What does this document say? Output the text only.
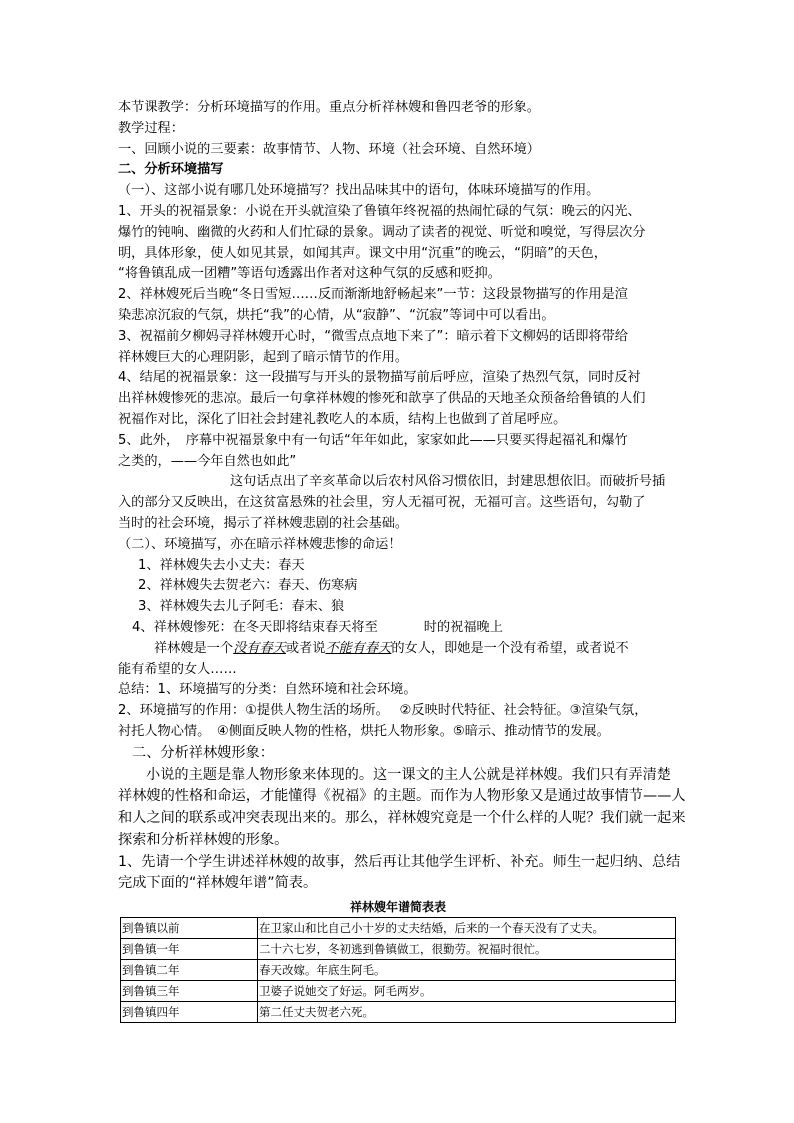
本节课教学：分析环境描写的作用。重点分析祥林嫂和鲁四老爷的形象。
教学过程：
一、回顾小说的三要素：故事情节、人物、环境（社会环境、自然环境）
二、分析环境描写
（一）、这部小说有哪几处环境描写？找出品味其中的语句，体味环境描写的作用。
1、开头的祝福景象：小说在开头就渲染了鲁镇年终祝福的热闹忙碌的气氛：晚云的闪光、
爆竹的钝响、幽微的火药和人们忙碌的景象。调动了读者的视觉、听觉和嗅觉，写得层次分
明，具体形象，使人如见其景，如闻其声。课文中用“沉重”的晚云，“阴暗”的天色，
“将鲁镇乱成一团糟”等语句透露出作者对这种气氛的反感和贬抑。
2、祥林嫂死后当晚“冬日雪短……反而渐渐地舒畅起来”一节：这段景物描写的作用是渲
染悲凉沉寂的气氛，烘托“我”的心情，从“寂静”、“沉寂”等词中可以看出。
3、祝福前夕柳妈寻祥林嫂开心时，“微雪点点地下来了”：暗示着下文柳妈的话即将带给
祥林嫂巨大的心理阴影，起到了暗示情节的作用。
4、结尾的祝福景象：这一段描写与开头的景物描写前后呼应，渲染了热烈气氛，同时反衬
出祥林嫂惨死的悲凉。最后一句拿祥林嫂的惨死和歆享了供品的天地圣众预备给鲁镇的人们
祝福作对比，深化了旧社会封建礼教吃人的本质，结构上也做到了首尾呼应。
5、此外，　序幕中祝福景象中有一句话“年年如此，家家如此——只要买得起福礼和爆竹
之类的，——今年自然也如此”
这句话点出了辛亥革命以后农村风俗习惯依旧，封建思想依旧。而破折号插
入的部分又反映出，在这贫富悬殊的社会里，穷人无福可祝，无福可言。这些语句，勾勒了
当时的社会环境，揭示了祥林嫂悲剧的社会基础。
（二）、环境描写，亦在暗示祥林嫂悲惨的命运！
1、祥林嫂失去小丈夫：春天
2、祥林嫂失去贺老六：春天、伤寒病
3、祥林嫂失去儿子阿毛：春末、狼
4、祥林嫂惨死：在冬天即将结束春天将至	时的祝福晚上
祥林嫂是一个没有春天或者说不能有春天的女人，即她是一个没有希望，或者说不
能有希望的女人……
总结：1、环境描写的分类：自然环境和社会环境。
2、环境描写的作用：①提供人物生活的场所。　 ②反映时代特征、社会特征。③渲染气氛，
衬托人物心情。　④侧面反映人物的性格，烘托人物形象。⑤暗示、推动情节的发展。
二、分析祥林嫂形象：
小说的主题是靠人物形象来体现的。这一课文的主人公就是祥林嫂。我们只有弄清楚
祥林嫂的性格和命运，才能懂得《祝福》的主题。而作为人物形象又是通过故事情节——人
和人之间的联系或冲突表现出来的。那么，祥林嫂究竟是一个什么样的人呢？我们就一起来
探索和分析祥林嫂的形象。
1、先请一个学生讲述祥林嫂的故事，然后再让其他学生评析、补充。师生一起归纳、总结
完成下面的“祥林嫂年谱”简表。
祥林嫂年谱简表表
到鲁镇以前	在卫家山和比自己小十岁的丈夫结婚，后来的一个春天没有了丈夫。
到鲁镇一年	二十六七岁，冬初逃到鲁镇做工，很勤劳。祝福时很忙。
到鲁镇二年	春天改嫁。年底生阿毛。
到鲁镇三年	卫婆子说她交了好运。阿毛两岁。
到鲁镇四年	第二任丈夫贺老六死。
